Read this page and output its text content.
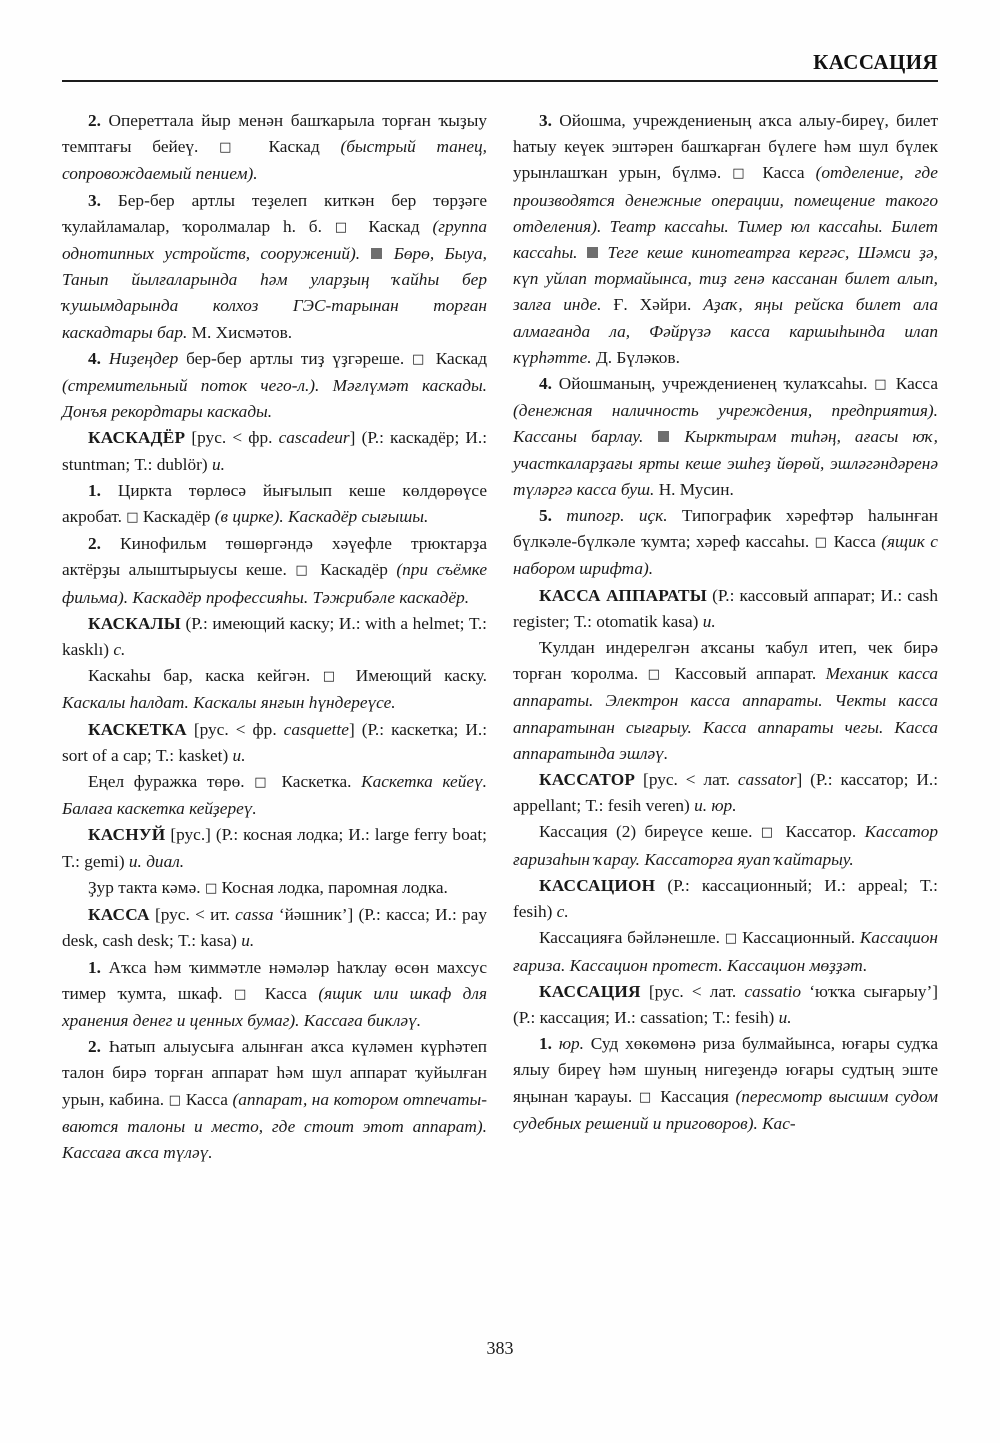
КАССАЦИЯ

2. Опереттала йыр менән башҡарыла торған ҡыҙыу темптағы бейеү. □ Каскад (быстрый танец, сопровождаемый пением).

3. Бер-бер артлы теҙелеп киткән бер төрҙәге ҡулайламалар, ҡоролмалар һ. б. □ Каскад (группа однотипных устройств, сооружений). Бөрө, Быуа, Танып йылғаларында һәм уларҙың ҡайһы бер ҡушымдарында колхоз ГЭС-тарынан торған каскадтары бар. М. Хисмәтов.

4. Ниҙеңдер бер-бер артлы тиҙ үҙгәреше. □ Каскад (стремительный поток чего-л.). Мәғлүмәт каскады. Донъя рекордтары каскады.

КАСКАДЁР [рус. < фр. cascadeur] (Р.: каскадёр; И.: stuntman; Т.: dublör) и.

1. Циркта төрлөсә йығылып кеше көлдөрөүсе акробат. □ Каскадёр (в цирке). Каскадёр сығышы.

2. Кинофильм төшөргәндә хәүефле трюктарҙа актёрҙы алыштырыусы кеше. □ Каскадёр (при съёмке фильма). Каскадёр профессияһы. Тәжрибәле каскадёр.

КАСКАЛЫ (Р.: имеющий каску; И.: with a helmet; Т.: kasklı) с.

Каскаһы бар, каска кейгән. □ Имеющий каску. Каскалы һалдат. Каскалы янғын һүндереүсе.

КАСКЕТКА [рус. < фр. casquette] (Р.: каскетка; И.: sort of a cap; Т.: kasket) и.

Еңел фуражка төрө. □ Каскетка. Каскетка кейеү. Балаға каскетка кейҙереү.

КАСНУЙ [рус.] (Р.: косная лодка; И.: large ferry boat; Т.: gemi) и. диал.

Ҙур такта кәмә. □ Косная лодка, паромная лодка.

КАССА [рус. < ит. cassa ‘йәшник’] (Р.: касса; И.: pay desk, cash desk; Т.: kasa) и.

1. Аҡса һәм ҡиммәтле нәмәләр һаҡлау өсөн махсус тимер ҡумта, шкаф. □ Касса (ящик или шкаф для хранения денег и ценных бумаг). Кассаға бикләү.

2. Һатып алыусыға алынған аҡса күләмен күрһәтеп талон бирә торған аппарат һәм шул аппарат ҡуйылған урын, кабина. □ Касса (аппарат, на котором отпечатываются талоны и место, где стоит этот аппарат). Кассаға аҡса түләү.

3. Ойошма, учреждениеның аҡса алыу-биреү, билет һатыу кеүек эштәрен башҡарған бүлеге һәм шул бүлек урынлашҡан урын, бүлмә. □ Касса (отделение, где производятся денежные операции, помещение такого отделения). Театр кассаһы. Тимер юл кассаһы. Билет кассаһы. Теге кеше кинотеатрға кергәс, Шәмси ҙә, күп уйлап тормайынса, тиҙ генә кассанан билет алып, залға инде. Ғ. Хәйри. Аҙаҡ, яңы рейска билет ала алмағанда ла, Фәйрүзә касса каршыһында илап күрһәтте. Д. Бүләков.

4. Ойошманың, учреждениенең ҡулаҡсаһы. □ Касса (денежная наличность учреждения, предприятия). Кассаны барлау. Кырктырам тиһәң, ағасы юҡ, участкаларҙағы ярты кеше эшһеҙ йөрөй, эшләгәндәренә түләргә касса буш. Н. Мусин.

5. типогр. иҫк. Типографик хәрефтәр һалынған бүлкәле-бүлкәле ҡумта; хәреф кассаһы. □ Касса (ящик с набором шрифта).

КАССА АППАРАТЫ (Р.: кассовый аппарат; И.: cash register; Т.: otomatik kasa) и.

Ҡулдан индерелгән аҡсаны ҡабул итеп, чек бирә торған ҡоролма. □ Кассовый аппарат. Механик касса аппараты. Электрон касса аппараты. Чекты касса аппаратынан сығарыу. Касса аппараты чегы. Касса аппаратында эшләү.

КАССАТОР [рус. < лат. cassator] (Р.: кассатор; И.: appellant; Т.: fesih veren) и. юр.

Кассация (2) биреүсе кеше. □ Кассатор. Кассатор ғаризаһын ҡарау. Кассаторға яуап ҡайтарыу.

КАССАЦИОН (Р.: кассационный; И.: appeal; Т.: fesih) с.

Кассацияға бәйләнешле. □ Кассационный. Кассацион ғариза. Кассацион протест. Кассацион мөҙҙәт.

КАССАЦИЯ [рус. < лат. cassatio ‘юҡҡа сығарыу’] (Р.: кассация; И.: cassation; Т.: fesih) и.

1. юр. Суд хөкөмөнә риза булмайынса, юғары судҡа ялыу биреү һәм шуның нигеҙендә юғары судтың эште яңынан ҡарауы. □ Кассация (пересмотр высшим судом судебных решений и приговоров). Кас-

383
